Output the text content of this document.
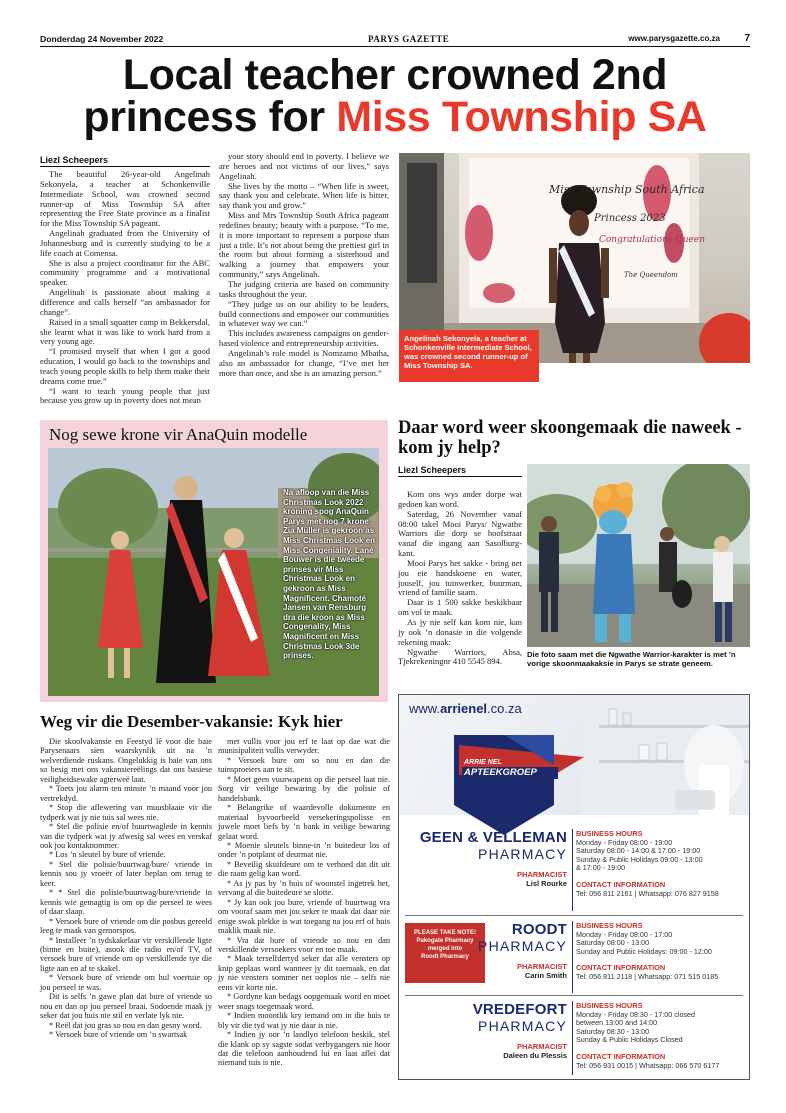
Donderdag 24 November 2022	PARYS GAZETTE	www.parysgazette.co.za 7
Local teacher crowned 2nd
princess for Miss Township SA
Liezl Scheepers

The beautiful 26-year-old Angelinah Sekonyela, a teacher at Schonkenville Intermediate School, was crowned second runner-up of Miss Township SA after representing the Free State province as a finalist for the Miss Township SA pageant.

Angelinah graduated from the University of Johannesburg and is currently studying to be a life coach at Comensa.

She is also a project coordinator for the ABC community programme and a motivational speaker.

Angelinah is passionate about making a difference and calls herself “an ambassador for change”.

Raised in a small squatter camp in Bekkersdal, she learnt what it was like to work hard from a very young age.

“I promised myself that when I got a good education, I would go back to the townships and teach young people skills to help them make their dreams come true.”

“I want to teach young people that just because you grow up in poverty does not mean

your story should end in poverty. I believe we are heroes and not victims of our lives,” says Angelinah.

She lives by the motto – “When life is sweet, say thank you and celebrate. When life is bitter, say thank you and grow.”

Miss and Mrs Township South Africa pageant redefines beauty; beauty with a purpose. “To me, it is more important to represent a purpose than just a title. It’s not about being the prettiest girl in the room but about forming a sisterhood and walking a journey that empowers your community,” says Angelinah.

The judging criteria are based on community tasks throughout the year.

“They judge us on our ability to be leaders, build connections and empower our communities in whatever way we can.”

This includes awareness campaigns on gender-based violence and entrepreneurship activities.

Angelinah’s role model is Nomzamo Mbatha, also an ambassador for change, “I’ve met her more than once, and she is an amazing person.”

Miss Township South Africa
Princess 2023
Congratulations Queen
The Queendom
Angelinah Sekonyela, a teacher at Schonkenville Intermediate School, was crowned second runner-up of Miss Township SA.
Nog sewe krone vir AnaQuin modelle
Na afloop van die Miss Christmas Look 2022 kroning spog AnaQuin Parys met nog 7 krone. Zia Müller is gekroon as Miss Christmas Look en Miss Congeniality. Lané Bouwer is die tweede prinses vir Miss Christmas Look en gekroon as Miss Magnificent. Chamoté Jansen van Rensburg dra die kroon as Miss Congenality, Miss Magnificent en Miss Christmas Look 3de prinses.
Daar word weer skoongemaak die naweek - kom jy help?
Liezl Scheepers

Kom ons wys ander dorpe wat gedoen kan word.

Saterdag, 26 November vanaf 08:00 takel Mooi Parys/ Ngwathe Warriors die dorp se hoofstraat vanaf die ingang aan Sasolburg-kant.

Mooi Parys het sakke - bring net jou eie handskoene en water, jouself, jou tuinwerker, buurman, vriend of familie saam.

Daar is 1 500 sakke beskikbaar om vol te maak.

As jy nie self kan kom nie, kan jy ook ’n donasie in die volgende rekening maak:

Ngwathe Warriors, Absa, Tjekrekeningnr 410 5545 894.

Die foto saam met die Ngwathe Warrior-karakter is met ’n vorige skoonmaakaksie in Parys se strate geneem.
Weg vir die Desember-vakansie: Kyk hier

Die skoolvakansie en Feestyd lê voor die baie Parysenaars sien waarskynlik uit na ’n welverdiende ruskans. Ongelukkig is baie van ons so besig met ons vakansiereëlings dat ons basiese veiligheidsewake agterweë laat.

* Toets jou alarm ten minste ’n maand voor jou vertrekdyd.

* Stop die aflewering van muusblaaie vir die tydperk wat jy nie tuis sal wees nie.

* Stel die polisie en/of buurtwaglede in kennis van die tydperk wat jy afwesig sal wees en verskaf ook jou kontaknommer.

* Los ’n sleutel by bure of vriende.

* Stel die polisie/buurtwag/bure/ vriende in kennis sou jy vroeër of later beplan om terug te keer.

* * Stel die polisie/buurtwag/bure/vriende in kennis wie gemagtig is om op die perseel te wees of daar slaap.

* Versoek bure of vriende om die posbus gereeld leeg te maak van gemorspos.

* Installeer ’n tydskakelaar vir verskillende ligte (binne en buite), asook die radio en/of TV, of versoek bure of vriende om op verskillende tye die ligte aan en af te skakel.

* Versoek bure of vriende om hul voertuie op jou perseel te was.

Dit is selfs ’n gawe plan dat bure of vriende so nou en dan op jou perseel braai. Sodoende maak jy seker dat jou huis nie stil en verlate lyk nie.

* Reël dat jou gras so nou en dan gesny word.

* Versoek bure of vriende om ’n swartsak

met vullis voor jou erf te laat op dae wat die munisipaliteit vullis verwyder.

* Versoek bure om so nou en dan die tuinsproeiers aan te sit.

* Moet geen vuurwapens op die perseel laat nie. Sorg vir veilige bewaring by die polisie of handelsbank.

* Belangrike of waardevolle dokumente en materiaal byvoorbeeld versekeringspolisse en juwele moet liefs by ’n bank in veilige bewaring gelaat word.

* Moenie sleutels binne-in ’n buitedeur los of onder ’n potplant of deurmat nie.

* Beveilig skuifdeure om te verhoed dat dit uit die raam gelig kan word.

* As jy pas by ’n huis of woonstel ingetrek het, vervang al die buitedeure se slotte.

* Jy kan ook jou bure, vriende of buurtwag vra om vooraf saam met jou seker te maak dat daar nie enige swak plekke is wat toegang na jou erf of huis maklik maak nie.

* Vra dat bure of vriende so nou en dan verskillende versoekers voor en toe maak.

* Maak terselfdertyd seker dat alle vensters op knip geplaas word wanneer jy dit toemaak, en dat jy nie vensters sommer net ooplos nie – selfs nie eens vir korte nie.

* Gordyne kan bedags oopgemaak word en moet weer snags toegemaak word.

* Indien moontlik kry iemand om in die huis te bly vir die tyd wat jy nie daar is nie.

* Indien jy oor ’n landlyn telefoon beskik, stel die klank op sy sagste sodat verbygangers nie hoor dat die telefoon aanhoudend lui en laat aflei dat niemand tuis is nie.

www.arrienel.co.za
ARRIE NEL
APTEEKGROEP
GEEN & VELLEMAN
PHARMACY
PHARMACIST
Lisl Rourke
BUSINESS HOURS
Monday - Friday 08:00 - 19:00
Saturday 08:00 - 14:00 & 17:00 - 19:00
Sunday & Public Holidays 09:00 - 13:00
& 17:00 - 19:00
CONTACT INFORMATION
Tel: 056 811 2161 | Whatsapp: 076 827 9158
PLEASE TAKE NOTE!
Pakogate Pharmacy
merged into
Roodt Pharmacy
ROODT
PHARMACY
PHARMACIST
Carin Smith
BUSINESS HOURS
Monday - Friday 08:00 - 17:00
Saturday 08:00 - 13:00
Sunday and Public Holidays: 09:00 - 12:00
CONTACT INFORMATION
Tel: 056 811 2118 | Whatsapp: 071 515 0185
VREDEFORT
PHARMACY
PHARMACIST
Daleen du Plessis
BUSINESS HOURS
Monday - Friday 08:30 - 17:00 closed
between 13:00 and 14:00
Saturday 08:30 - 13:00
Sunday & Public Holidays Closed
CONTACT INFORMATION
Tel: 056 931 0015 | Whatsapp: 066 570 6177
